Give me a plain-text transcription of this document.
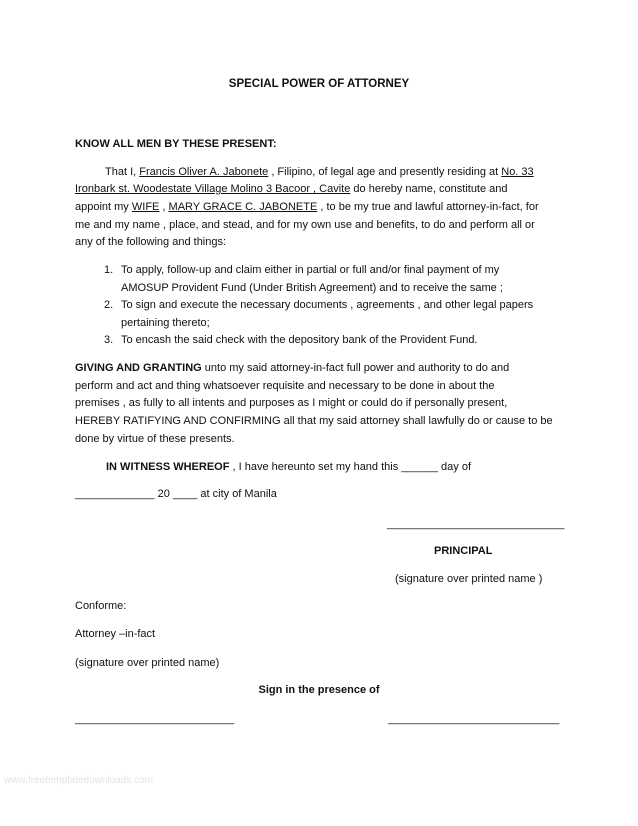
SPECIAL POWER OF ATTORNEY
KNOW ALL MEN BY THESE PRESENT:
That I, Francis Oliver A. Jabonete , Filipino, of legal age and presently residing at No. 33
Ironbark st. Woodestate Village Molino 3 Bacoor , Cavite do hereby name, constitute and
appoint my WIFE , MARY GRACE C. JABONETE , to be my true and lawful attorney-in-fact, for
me and my name , place, and stead, and for my own use and benefits, to do and perform all or
any of the following and things:
1. To apply, follow-up and claim either in partial or full and/or final payment of my
AMOSUP Provident Fund (Under British Agreement) and to receive the same ;
2. To sign and execute the necessary documents , agreements , and other legal papers
pertaining thereto;
3. To encash the said check with the depository bank of the Provident Fund.
GIVING AND GRANTING unto my said attorney-in-fact full power and authority to do and
perform and act and thing whatsoever requisite and necessary to be done in about the
premises , as fully to all intents and purposes as I might or could do if personally present,
HEREBY RATIFYING AND CONFIRMING all that my said attorney shall lawfully do or cause to be
done by virtue of these presents.
IN WITNESS WHEREOF , I have hereunto set my hand this ______ day of
_____________ 20 ____ at city of Manila
_____________________________
PRINCIPAL
(signature over printed name )
Conforme:
Attorney –in-fact
(signature over printed name)
Sign in the presence of
__________________________	____________________________
www.freetemplatedownloads.com
